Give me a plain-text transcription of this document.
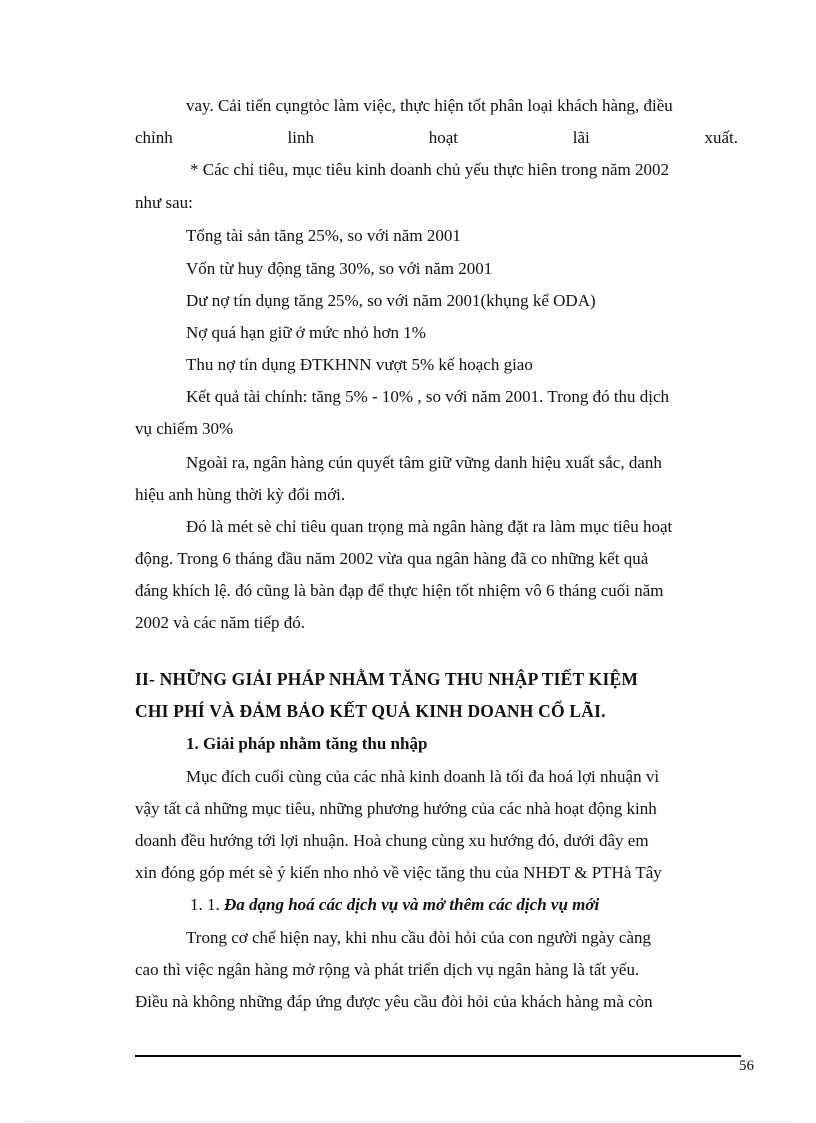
vay. Cải tiến cụngtỏc làm việc, thực hiện tốt phân loại khách hàng, điều
chỉnh	linh	hoạt	lãi	xuất.
* Các chỉ tiêu, mục tiêu kinh doanh chủ yếu thực hiên trong năm 2002
như sau:
Tổng tài sản tăng 25%, so với năm 2001
Vốn từ huy động tăng 30%, so với năm 2001
Dư nợ tín dụng tăng 25%, so với năm 2001(khụng kể ODA)
Nợ quá hạn giữ ở mức nhỏ hơn 1%
Thu nợ tín dụng ĐTKHNN vượt 5% kế hoạch giao
Kết quả tài chính: tăng 5% - 10% , so với năm 2001. Trong đó thu dịch
vụ chiếm 30%
Ngoài ra, ngân hàng cún quyết tâm giữ vững danh hiệu xuất sắc, danh
hiệu anh hùng thời kỳ đổi mới.
Đó là mét sè chỉ tiêu quan trọng mà ngân hàng đặt ra làm mục tiêu hoạt
động. Trong 6 tháng đầu năm 2002 vừa qua ngân hàng đã co những kết quả
đáng khích lệ. đó cũng là bàn đạp để thực hiện tốt nhiệm vô 6 tháng cuối năm
2002 và các năm tiếp đó.
II- NHỮNG GIẢI PHÁP NHẰM TĂNG THU NHẬP TIẾT KIỆM
CHI PHÍ VÀ ĐẢM BẢO KẾT QUẢ KINH DOANH CỔ LÃI.
1. Giải pháp nhằm tăng thu nhập
Mục đích cuối cùng của các nhà kinh doanh là tối đa hoá lợi nhuận vì
vậy tất cả những mục tiêu, những phương hướng của các nhà hoạt động kinh
doanh đều hướng tới lợi nhuận. Hoà chung cùng xu hướng đó, dưới đây em
xin đóng góp mét sè ý kiến nho nhỏ về việc tăng thu của NHĐT & PTHà Tây
1. 1. Đa dạng hoá các dịch vụ và mở thêm các dịch vụ mới
Trong cơ chế hiện nay, khi nhu cầu đòi hỏi của con người ngày càng
cao thì việc ngân hàng mở rộng và phát triển dịch vụ ngân hàng là tất yếu.
Điều nà không những đáp ứng được yêu cầu đòi hỏi của khách hàng mà còn
56
